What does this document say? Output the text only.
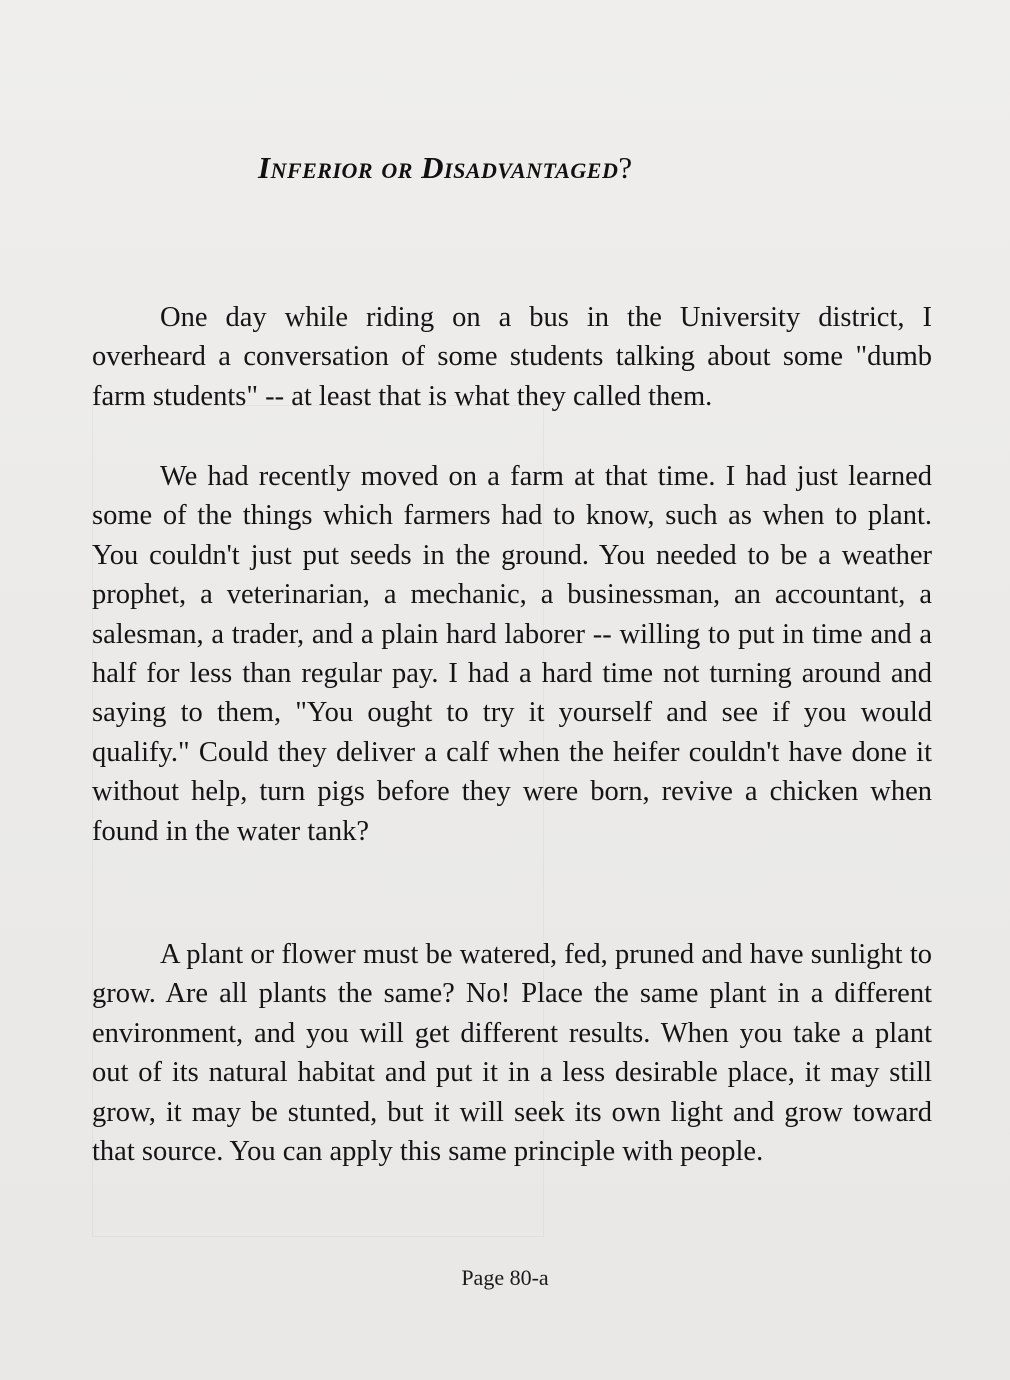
Inferior or Disadvantaged?

One day while riding on a bus in the University district, I overheard a conversation of some students talking about some "dumb farm students" -- at least that is what they called them.

We had recently moved on a farm at that time. I had just learned some of the things which farmers had to know, such as when to plant. You couldn't just put seeds in the ground. You needed to be a weather prophet, a veterinarian, a mechanic, a businessman, an accountant, a salesman, a trader, and a plain hard laborer -- willing to put in time and a half for less than regular pay. I had a hard time not turning around and saying to them, "You ought to try it yourself and see if you would qualify." Could they deliver a calf when the heifer couldn't have done it without help, turn pigs before they were born, revive a chicken when found in the water tank?

A plant or flower must be watered, fed, pruned and have sunlight to grow. Are all plants the same? No! Place the same plant in a different environment, and you will get different results. When you take a plant out of its natural habitat and put it in a less desirable place, it may still grow, it may be stunted, but it will seek its own light and grow toward that source. You can apply this same principle with people.

Page 80-a
